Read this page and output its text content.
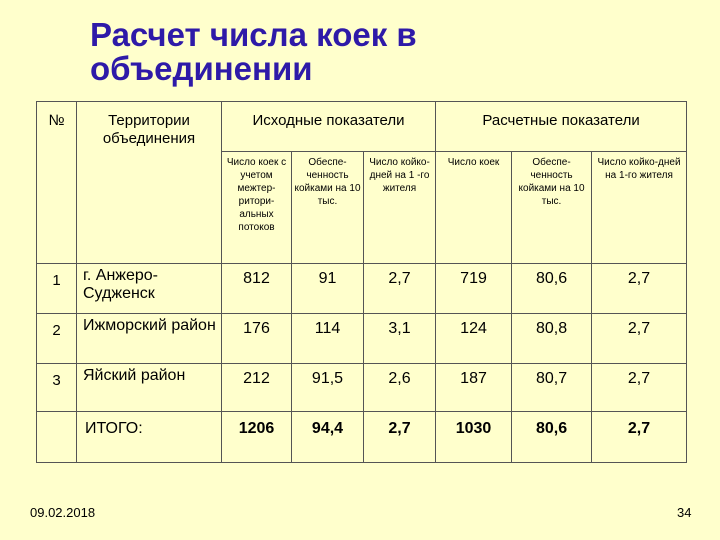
Расчет числа коек в
объединении
№	Территории объединения	Исходные показатели			Расчетные показатели		
		Число коек с учетом межтер-ритори-альных потоков	Обеспе-ченность койками на 10 тыс.	Число койко-дней на 1 -го жителя	Число коек	Обеспе-ченность койками на 10 тыс.	Число койко-дней на 1-го жителя
1	г. Анжеро-Судженск	812	91	2,7	719	80,6	2,7
2	Ижморский район	176	114	3,1	124	80,8	2,7
3	Яйский район	212	91,5	2,6	187	80,7	2,7
	ИТОГО:	1206	94,4	2,7	1030	80,6	2,7
09.02.2018	34
